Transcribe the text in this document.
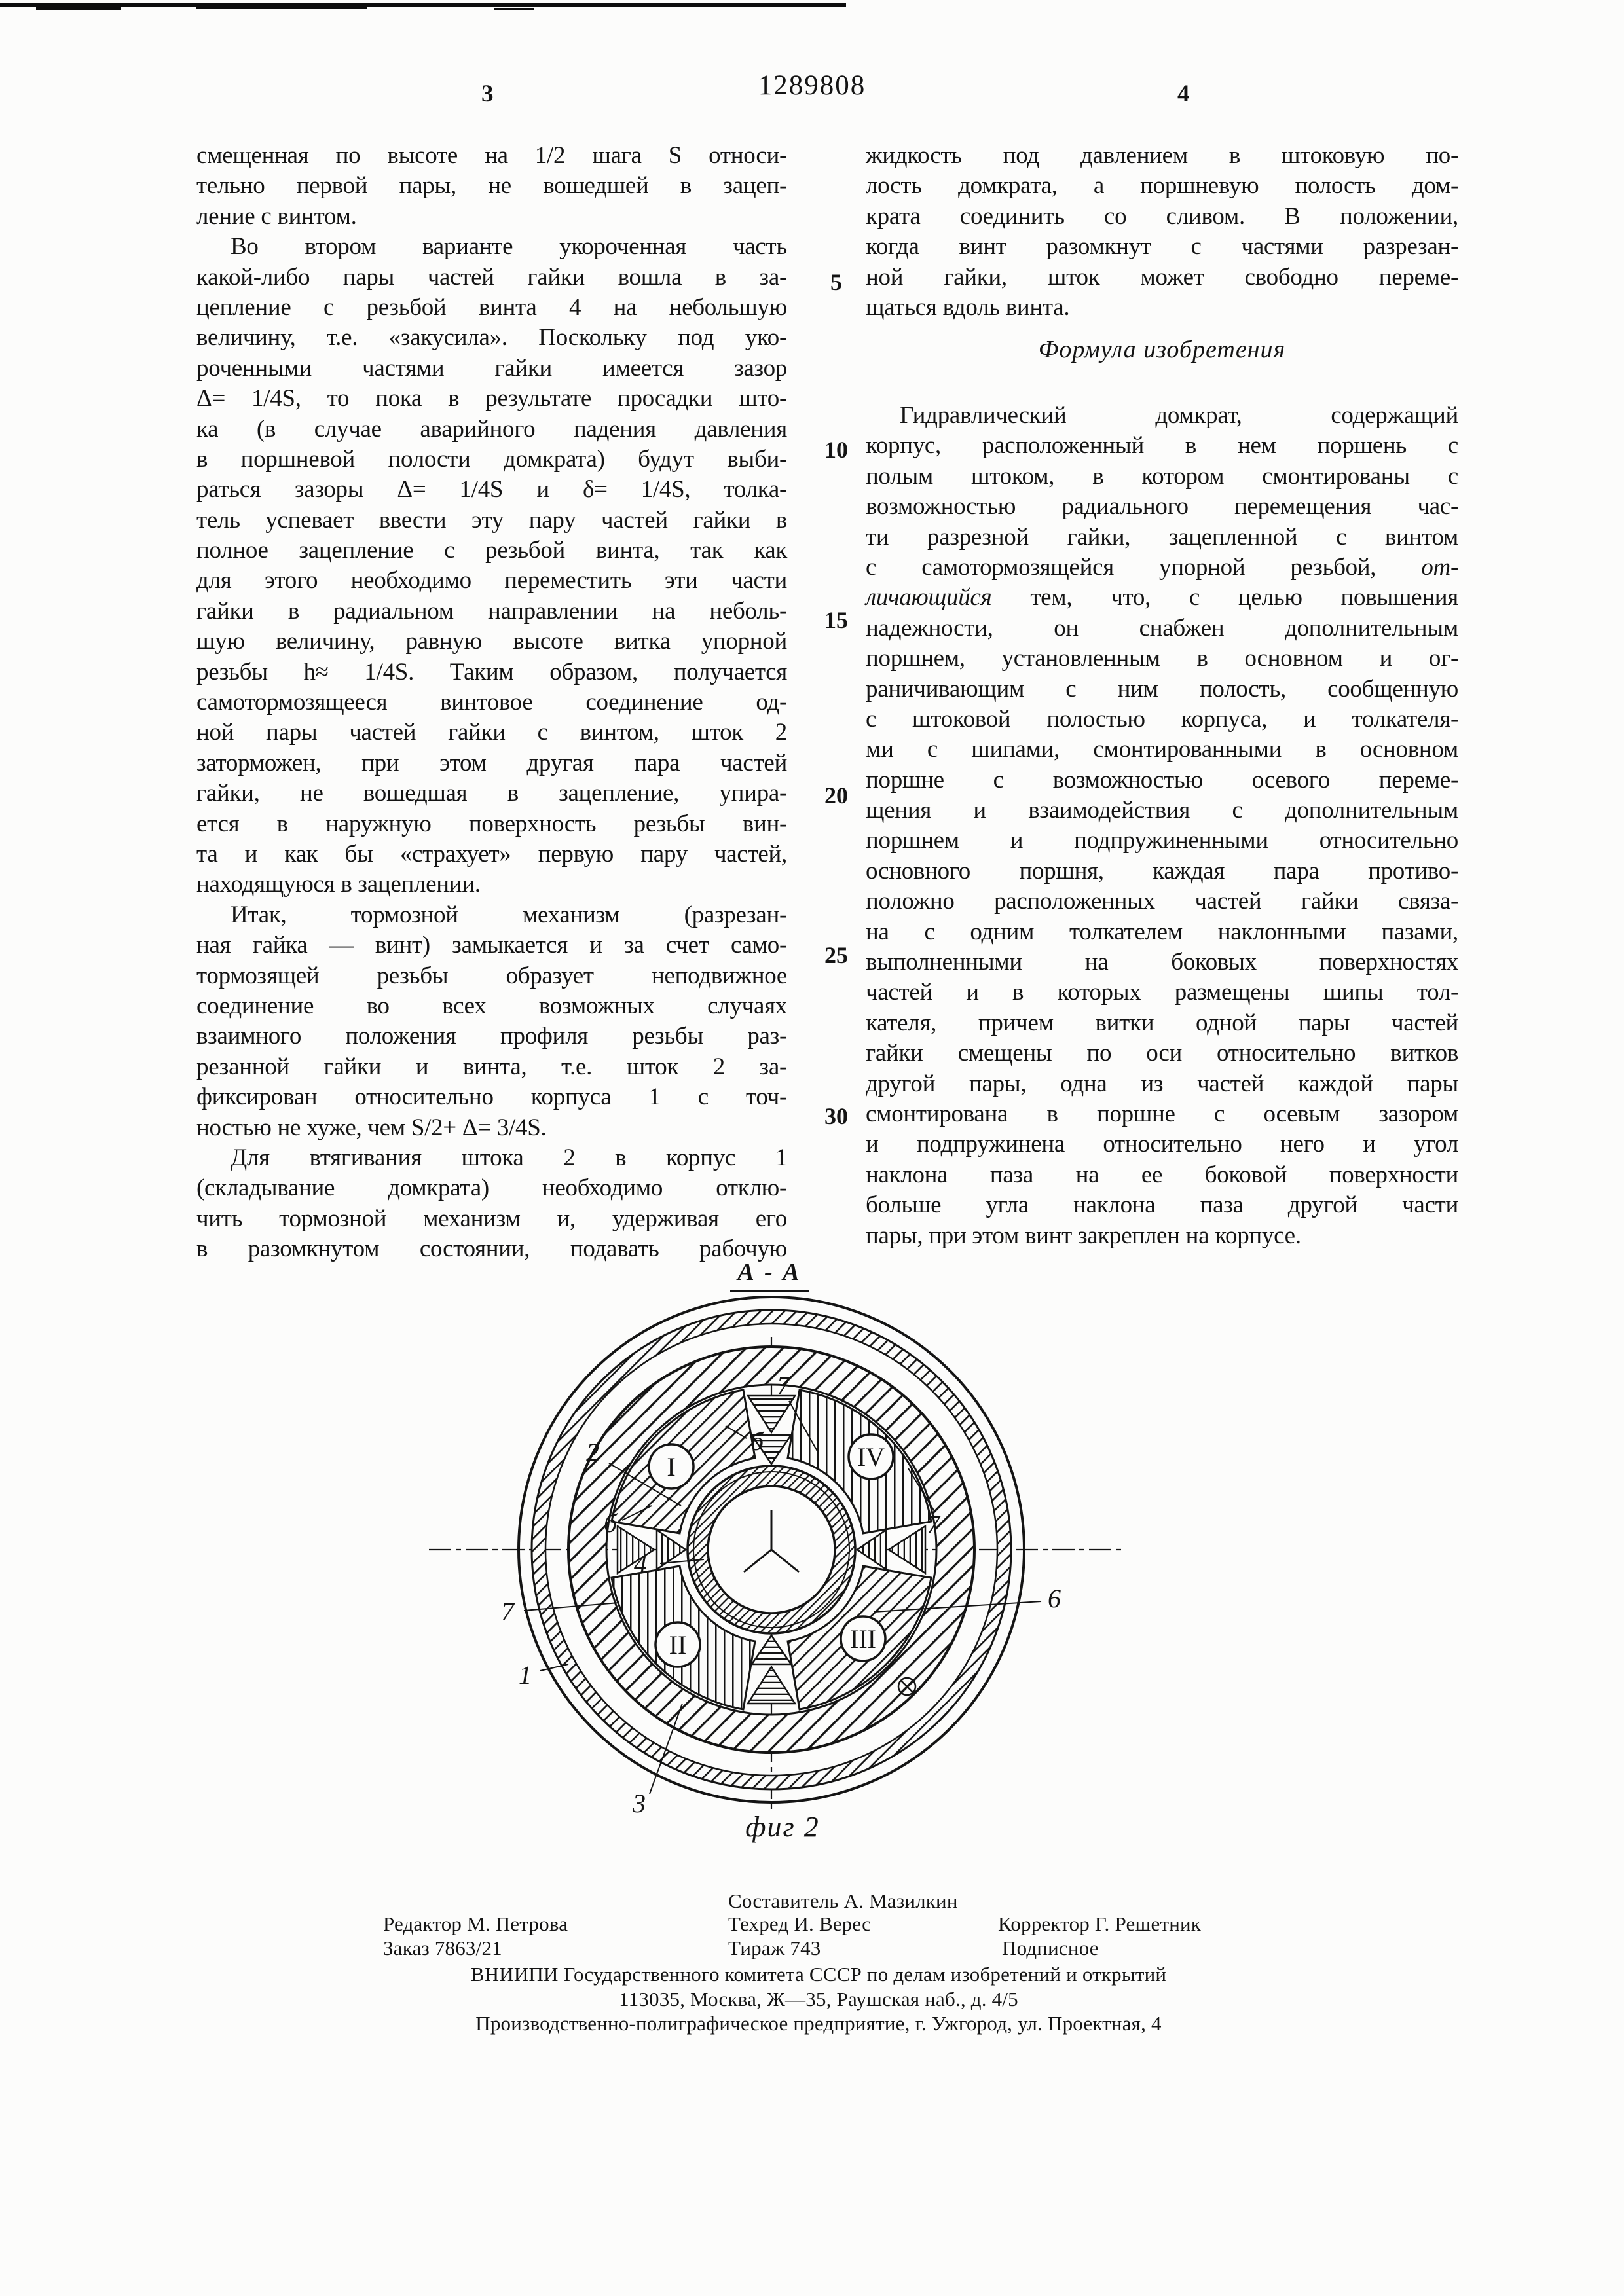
3	1289808	4
смещенная по высоте на 1/2 шага S относи-
тельно первой пары, не вошедшей в зацеп-
ление с винтом.
Во втором варианте укороченная часть
какой-либо пары частей гайки вошла в за-
цепление с резьбой винта 4 на небольшую
величину, т.е. «закусила». Поскольку под уко-
роченными частями гайки имеется зазор
Δ= 1/4S, то пока в результате просадки што-
ка (в случае аварийного падения давления
в поршневой полости домкрата) будут выби-
раться зазоры Δ= 1/4S и δ= 1/4S, толка-
тель успевает ввести эту пару частей гайки в
полное зацепление с резьбой винта, так как
для этого необходимо переместить эти части
гайки в радиальном направлении на неболь-
шую величину, равную высоте витка упорной
резьбы h≈ 1/4S. Таким образом, получается
самотормозящееся винтовое соединение од-
ной пары частей гайки с винтом, шток 2
заторможен, при этом другая пара частей
гайки, не вошедшая в зацепление, упира-
ется в наружную поверхность резьбы вин-
та и как бы «страхует» первую пару частей,
находящуюся в зацеплении.
Итак, тормозной механизм (разрезан-
ная гайка — винт) замыкается и за счет само-
тормозящей резьбы образует неподвижное
соединение во всех возможных случаях
взаимного положения профиля резьбы раз-
резанной гайки и винта, т.е. шток 2 за-
фиксирован относительно корпуса 1 с точ-
ностью не хуже, чем S/2+ Δ= 3/4S.
Для втягивания штока 2 в корпус 1
(складывание домкрата) необходимо отклю-
чить тормозной механизм и, удерживая его
в разомкнутом состоянии, подавать рабочую
жидкость под давлением в штоковую по-
лость домкрата, а поршневую полость дом-
крата соединить со сливом. В положении,
когда винт разомкнут с частями разрезан-
ной гайки, шток может свободно переме-
щаться вдоль винта.
Формула изобретения
Гидравлический домкрат, содержащий
корпус, расположенный в нем поршень с
полым штоком, в котором смонтированы с
возможностью радиального перемещения час-
ти разрезной гайки, зацепленной с винтом
с самотормозящейся упорной резьбой, от-
личающийся тем, что, с целью повышения
надежности, он снабжен дополнительным
поршнем, установленным в основном и ог-
раничивающим с ним полость, сообщенную
с штоковой полостью корпуса, и толкателя-
ми с шипами, смонтированными в основном
поршне с возможностью осевого переме-
щения и взаимодействия с дополнительным
поршнем и подпружиненными относительно
основного поршня, каждая пара противо-
положно расположенных частей гайки связа-
на с одним толкателем наклонными пазами,
выполненными на боковых поверхностях
частей и в которых размещены шипы тол-
кателя, причем витки одной пары частей
гайки смещены по оси относительно витков
другой пары, одна из частей каждой пары
смонтирована в поршне с осевым зазором
и подпружинена относительно него и угол
наклона паза на ее боковой поверхности
больше угла наклона паза другой части
пары, при этом винт закреплен на корпусе.
5
10
15
20
25
30
2
7
б
б
7
4
1
3
6
7
I	IV
II	III
А - А
фиг 2
Составитель А. Мазилкин
Редактор М. Петрова	Техред И. Верес	Корректор Г. Решетник
Заказ 7863/21	Тираж 743	Подписное
ВНИИПИ Государственного комитета СССР по делам изобретений и открытий
113035, Москва, Ж—35, Раушская наб., д. 4/5
Производственно-полиграфическое предприятие, г. Ужгород, ул. Проектная, 4
